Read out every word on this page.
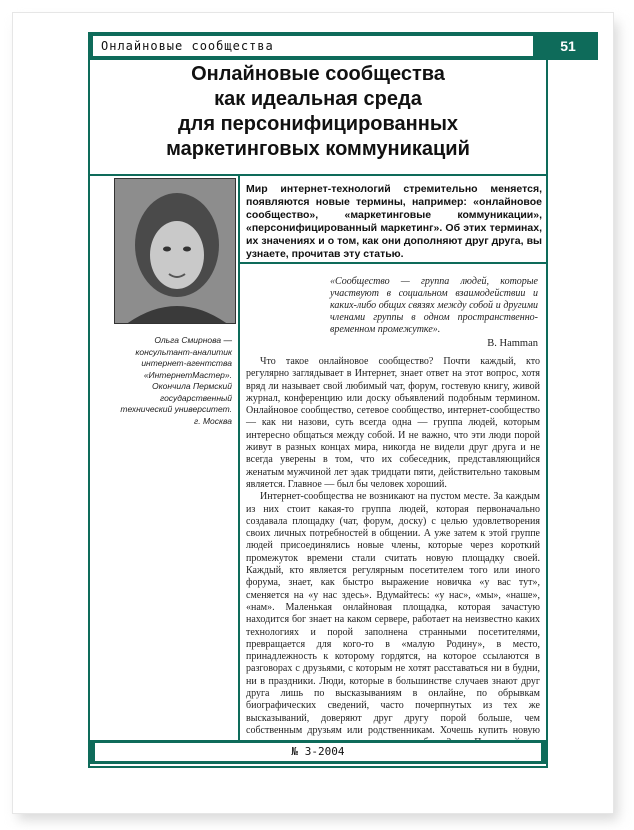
Онлайновые сообщества	51
Онлайновые сообщества
как идеальная среда
для персонифицированных
маркетинговых коммуникаций
Мир интернет-технологий стремительно меняется, появляются новые термины, например: «онлайновое сообщество», «маркетинговые коммуникации», «персонифицированный маркетинг». Об этих терминах, их значениях и о том, как они дополняют друг друга, вы узнаете, прочитав эту статью.
Ольга Смирнова —
консультант-аналитик
интернет-агентства
«ИнтернетМастер».
Окончила Пермский
государственный
технический университет.
г. Москва
«Сообщество — группа людей, которые участвуют в социальном взаимодействии и каких-либо общих связях между собой и другими членами группы в одном пространственно-временном промежутке».
B. Hamman

Что такое онлайновое сообщество? Почти каждый, кто регулярно заглядывает в Интернет, знает ответ на этот вопрос, хотя вряд ли называет свой любимый чат, форум, гостевую книгу, живой журнал, конференцию или доску объявлений подобным термином. Онлайновое сообщество, сетевое сообщество, интернет-сообщество — как ни назови, суть всегда одна — группа людей, которым интересно общаться между собой. И не важно, что эти люди порой живут в разных концах мира, никогда не видели друг друга и не всегда уверены в том, что их собеседник, представляющийся женатым мужчиной лет эдак тридцати пяти, действительно таковым является. Главное — был бы человек хороший.

Интернет-сообщества не возникают на пустом месте. За каждым из них стоит какая-то группа людей, которая первоначально создавала площадку (чат, форум, доску) с целью удовлетворения своих личных потребностей в общении. А уже затем к этой группе людей присоединялись новые члены, которые через короткий промежуток времени стали считать новую площадку своей. Каждый, кто является регулярным посетителем того или иного форума, знает, как быстро выражение новичка «у вас тут», сменяется на «у нас здесь». Вдумайтесь: «у нас», «мы», «наше», «нам». Маленькая онлайновая площадка, которая зачастую находится бог знает на каком сервере, работает на неизвестно каких технологиях и порой заполнена странными посетителями, превращается для кого-то в «малую Родину», в место, принадлежность к которому гордятся, на которое ссылаются в разговорах с друзьями, с которым не хотят расставаться ни в будни, ни в праздники. Люди, которые в большинстве случаев знают друг друга лишь по высказываниям в онлайне, по обрывкам биографических сведений, часто почерпнутых из тех же высказываний, доверяют друг другу порой больше, чем собственным друзьям или родственникам. Хочешь купить новую

№ 3-2004
